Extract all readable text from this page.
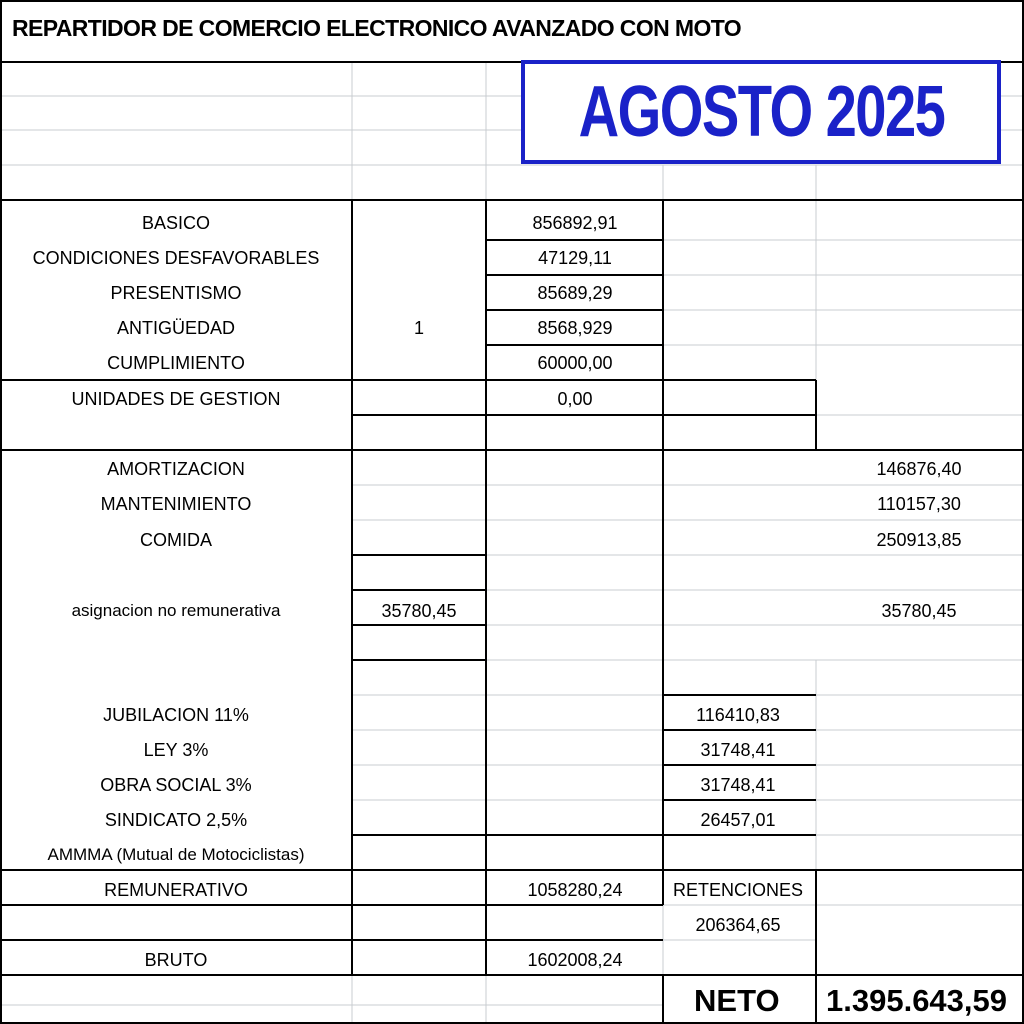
REPARTIDOR DE COMERCIO ELECTRONICO AVANZADO CON MOTO
AGOSTO 2025
BASICO
CONDICIONES DESFAVORABLES
PRESENTISMO
ANTIGÜEDAD
CUMPLIMIENTO
UNIDADES DE GESTION
AMORTIZACION
MANTENIMIENTO
COMIDA
asignacion no remunerativa
JUBILACION 11%
LEY 3%
OBRA SOCIAL 3%
SINDICATO 2,5%
AMMMA (Mutual de Motociclistas)
REMUNERATIVO
BRUTO
1
35780,45
856892,91
47129,11
85689,29
8568,929
60000,00
0,00
1058280,24
1602008,24
116410,83
31748,41
31748,41
26457,01
RETENCIONES
206364,65
146876,40
110157,30
250913,85
35780,45
NETO 1.395.643,59
